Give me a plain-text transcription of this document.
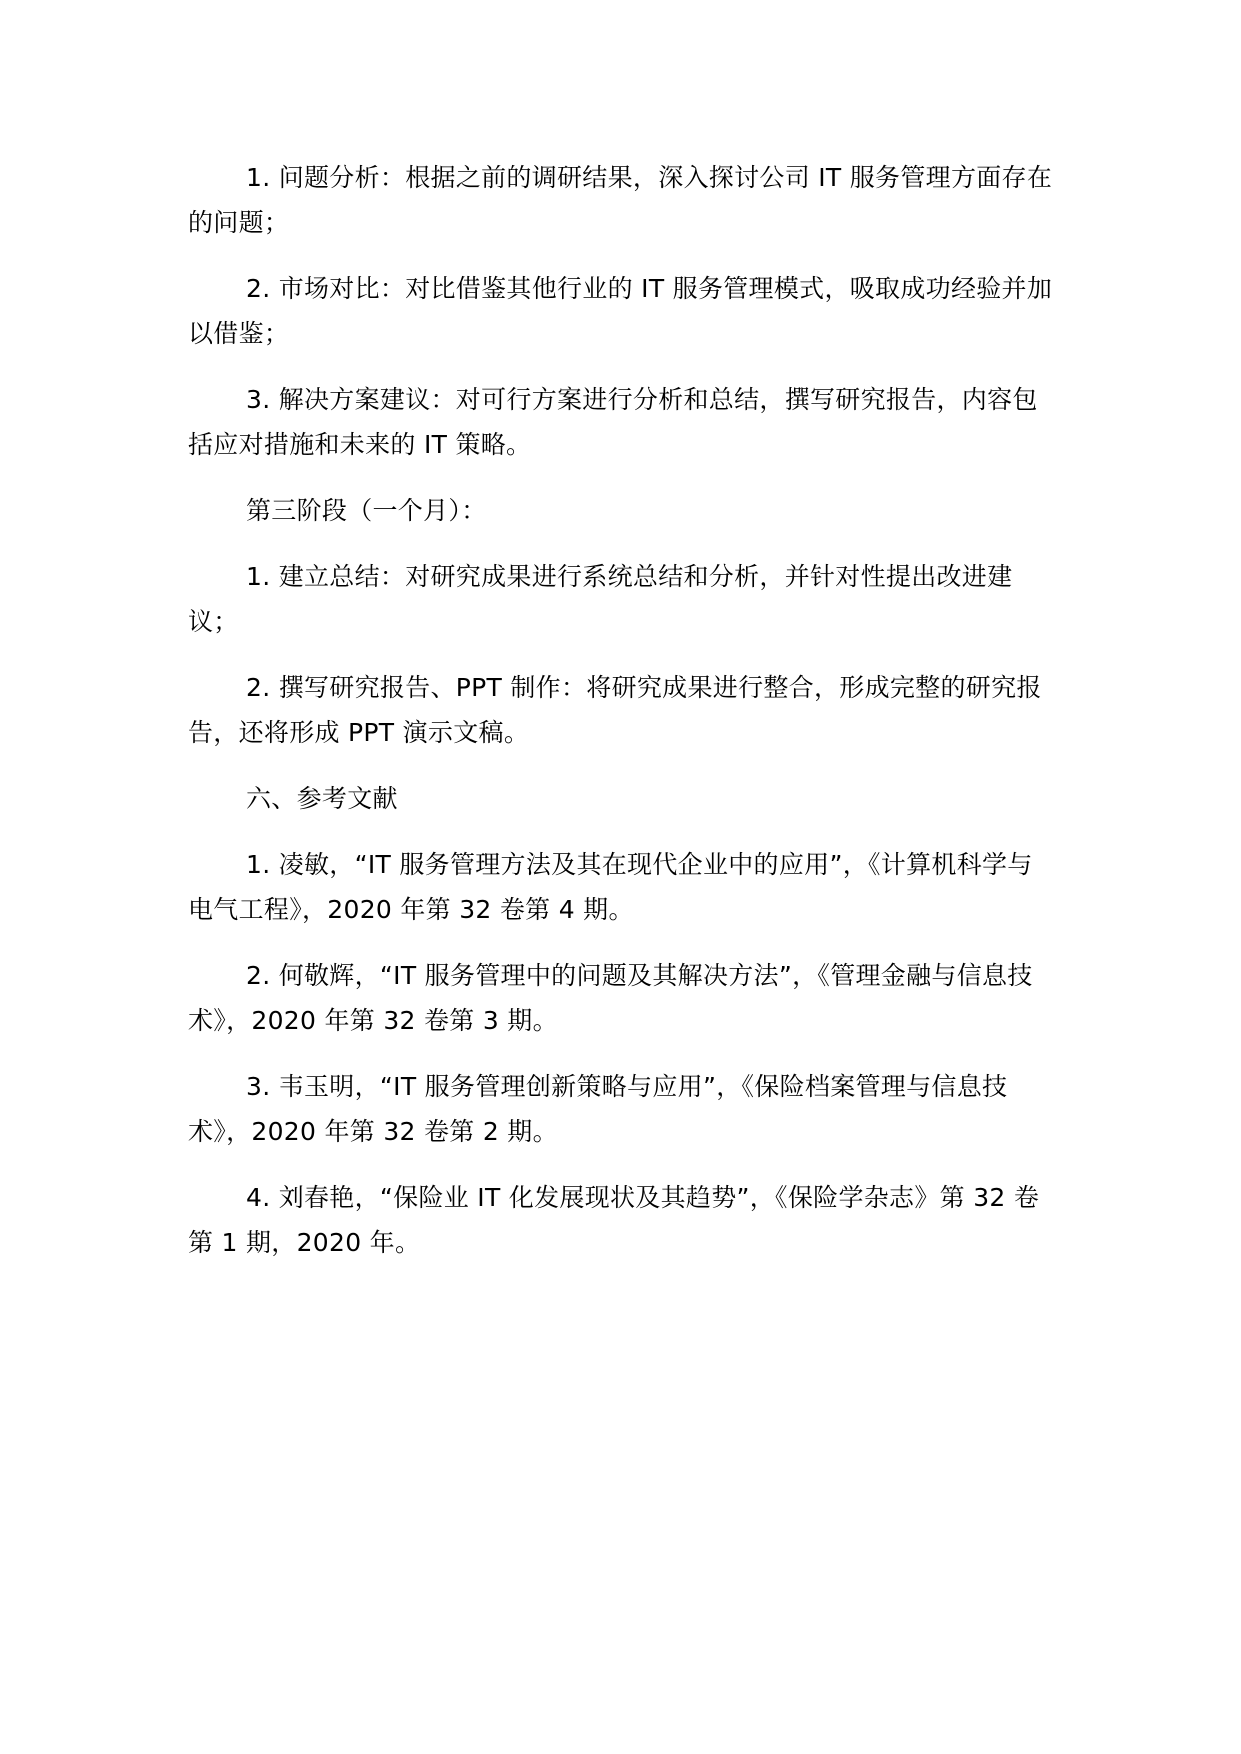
1. 问题分析：根据之前的调研结果，深入探讨公司 IT 服务管理方面存在的问题；

2. 市场对比：对比借鉴其他行业的 IT 服务管理模式，吸取成功经验并加以借鉴；

3. 解决方案建议：对可行方案进行分析和总结，撰写研究报告，内容包括应对措施和未来的 IT 策略。

第三阶段（一个月）：

1. 建立总结：对研究成果进行系统总结和分析，并针对性提出改进建议；

2. 撰写研究报告、PPT 制作：将研究成果进行整合，形成完整的研究报告，还将形成 PPT 演示文稿。

六、参考文献

1. 凌敏，“IT 服务管理方法及其在现代企业中的应用”，《计算机科学与电气工程》，2020 年第 32 卷第 4 期。

2. 何敬辉，“IT 服务管理中的问题及其解决方法”，《管理金融与信息技术》，2020 年第 32 卷第 3 期。

3. 韦玉明，“IT 服务管理创新策略与应用”，《保险档案管理与信息技术》，2020 年第 32 卷第 2 期。

4. 刘春艳，“保险业 IT 化发展现状及其趋势”，《保险学杂志》第 32 卷第 1 期，2020 年。
